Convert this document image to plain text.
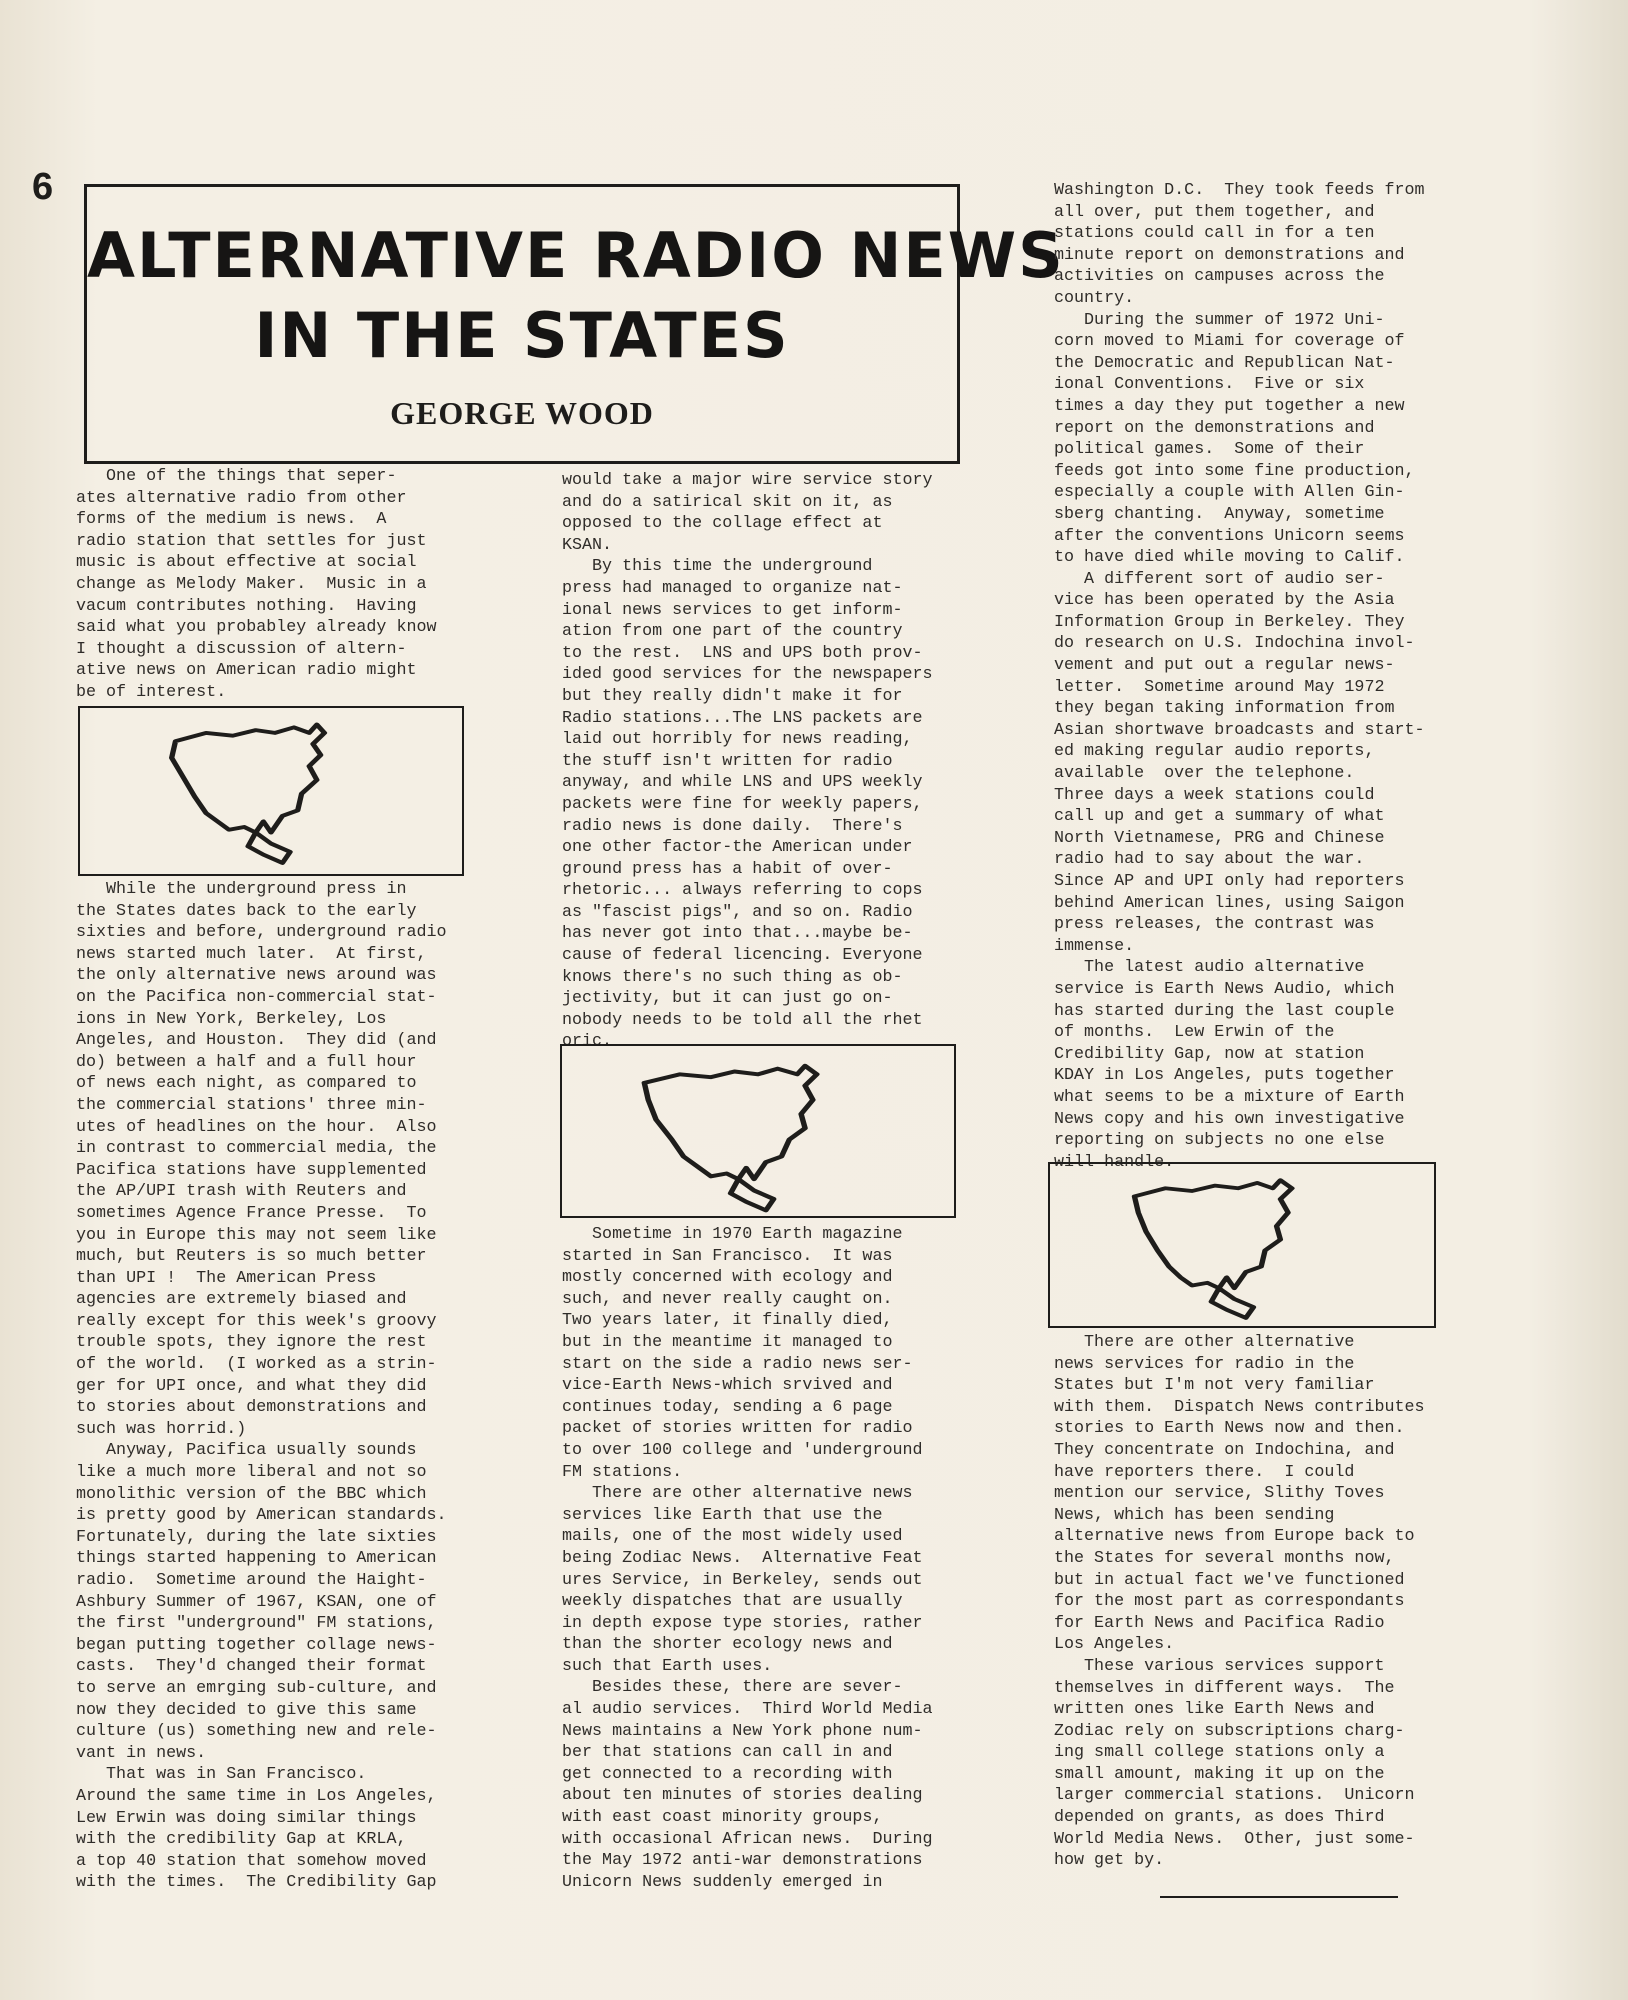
6
ALTERNATIVE RADIO NEWS
IN THE STATES
GEORGE WOOD
One of the things that seper-
ates alternative radio from other
forms of the medium is news.  A
radio station that settles for just
music is about effective at social
change as Melody Maker.  Music in a
vacum contributes nothing.  Having
said what you probabley already know
I thought a discussion of altern-
ative news on American radio might
be of interest.
While the underground press in
the States dates back to the early
sixties and before, underground radio
news started much later.  At first,
the only alternative news around was
on the Pacifica non-commercial stat-
ions in New York, Berkeley, Los
Angeles, and Houston.  They did (and
do) between a half and a full hour
of news each night, as compared to
the commercial stations' three min-
utes of headlines on the hour.  Also
in contrast to commercial media, the
Pacifica stations have supplemented
the AP/UPI trash with Reuters and
sometimes Agence France Presse.  To
you in Europe this may not seem like
much, but Reuters is so much better
than UPI !  The American Press
agencies are extremely biased and
really except for this week's groovy
trouble spots, they ignore the rest
of the world.  (I worked as a strin-
ger for UPI once, and what they did
to stories about demonstrations and
such was horrid.)
Anyway, Pacifica usually sounds
like a much more liberal and not so
monolithic version of the BBC which
is pretty good by American standards.
Fortunately, during the late sixties
things started happening to American
radio.  Sometime around the Haight-
Ashbury Summer of 1967, KSAN, one of
the first "underground" FM stations,
began putting together collage news-
casts.  They'd changed their format
to serve an emrging sub-culture, and
now they decided to give this same
culture (us) something new and rele-
vant in news.
That was in San Francisco.
Around the same time in Los Angeles,
Lew Erwin was doing similar things
with the credibility Gap at KRLA,
a top 40 station that somehow moved
with the times.  The Credibility Gap
would take a major wire service story
and do a satirical skit on it, as
opposed to the collage effect at
KSAN.
By this time the underground
press had managed to organize nat-
ional news services to get inform-
ation from one part of the country
to the rest.  LNS and UPS both prov-
ided good services for the newspapers
but they really didn't make it for
Radio stations...The LNS packets are
laid out horribly for news reading,
the stuff isn't written for radio
anyway, and while LNS and UPS weekly
packets were fine for weekly papers,
radio news is done daily.  There's
one other factor-the American under
ground press has a habit of over-
rhetoric... always referring to cops
as "fascist pigs", and so on. Radio
has never got into that...maybe be-
cause of federal licencing. Everyone
knows there's no such thing as ob-
jectivity, but it can just go on-
nobody needs to be told all the rhet
oric.
Sometime in 1970 Earth magazine
started in San Francisco.  It was
mostly concerned with ecology and
such, and never really caught on.
Two years later, it finally died,
but in the meantime it managed to
start on the side a radio news ser-
vice-Earth News-which srvived and
continues today, sending a 6 page
packet of stories written for radio
to over 100 college and 'underground
FM stations.
There are other alternative news
services like Earth that use the
mails, one of the most widely used
being Zodiac News.  Alternative Feat
ures Service, in Berkeley, sends out
weekly dispatches that are usually
in depth expose type stories, rather
than the shorter ecology news and
such that Earth uses.
Besides these, there are sever-
al audio services.  Third World Media
News maintains a New York phone num-
ber that stations can call in and
get connected to a recording with
about ten minutes of stories dealing
with east coast minority groups,
with occasional African news.  During
the May 1972 anti-war demonstrations
Unicorn News suddenly emerged in
Washington D.C.  They took feeds from
all over, put them together, and
stations could call in for a ten
minute report on demonstrations and
activities on campuses across the
country.
During the summer of 1972 Uni-
corn moved to Miami for coverage of
the Democratic and Republican Nat-
ional Conventions.  Five or six
times a day they put together a new
report on the demonstrations and
political games.  Some of their
feeds got into some fine production,
especially a couple with Allen Gin-
sberg chanting.  Anyway, sometime
after the conventions Unicorn seems
to have died while moving to Calif.
A different sort of audio ser-
vice has been operated by the Asia
Information Group in Berkeley. They
do research on U.S. Indochina invol-
vement and put out a regular news-
letter.  Sometime around May 1972
they began taking information from
Asian shortwave broadcasts and start-
ed making regular audio reports,
available  over the telephone.
Three days a week stations could
call up and get a summary of what
North Vietnamese, PRG and Chinese
radio had to say about the war.
Since AP and UPI only had reporters
behind American lines, using Saigon
press releases, the contrast was
immense.
The latest audio alternative
service is Earth News Audio, which
has started during the last couple
of months.  Lew Erwin of the
Credibility Gap, now at station
KDAY in Los Angeles, puts together
what seems to be a mixture of Earth
News copy and his own investigative
reporting on subjects no one else
will handle.
There are other alternative
news services for radio in the
States but I'm not very familiar
with them.  Dispatch News contributes
stories to Earth News now and then.
They concentrate on Indochina, and
have reporters there.  I could
mention our service, Slithy Toves
News, which has been sending
alternative news from Europe back to
the States for several months now,
but in actual fact we've functioned
for the most part as correspondants
for Earth News and Pacifica Radio
Los Angeles.
These various services support
themselves in different ways.  The
written ones like Earth News and
Zodiac rely on subscriptions charg-
ing small college stations only a
small amount, making it up on the
larger commercial stations.  Unicorn
depended on grants, as does Third
World Media News.  Other, just some-
how get by.
